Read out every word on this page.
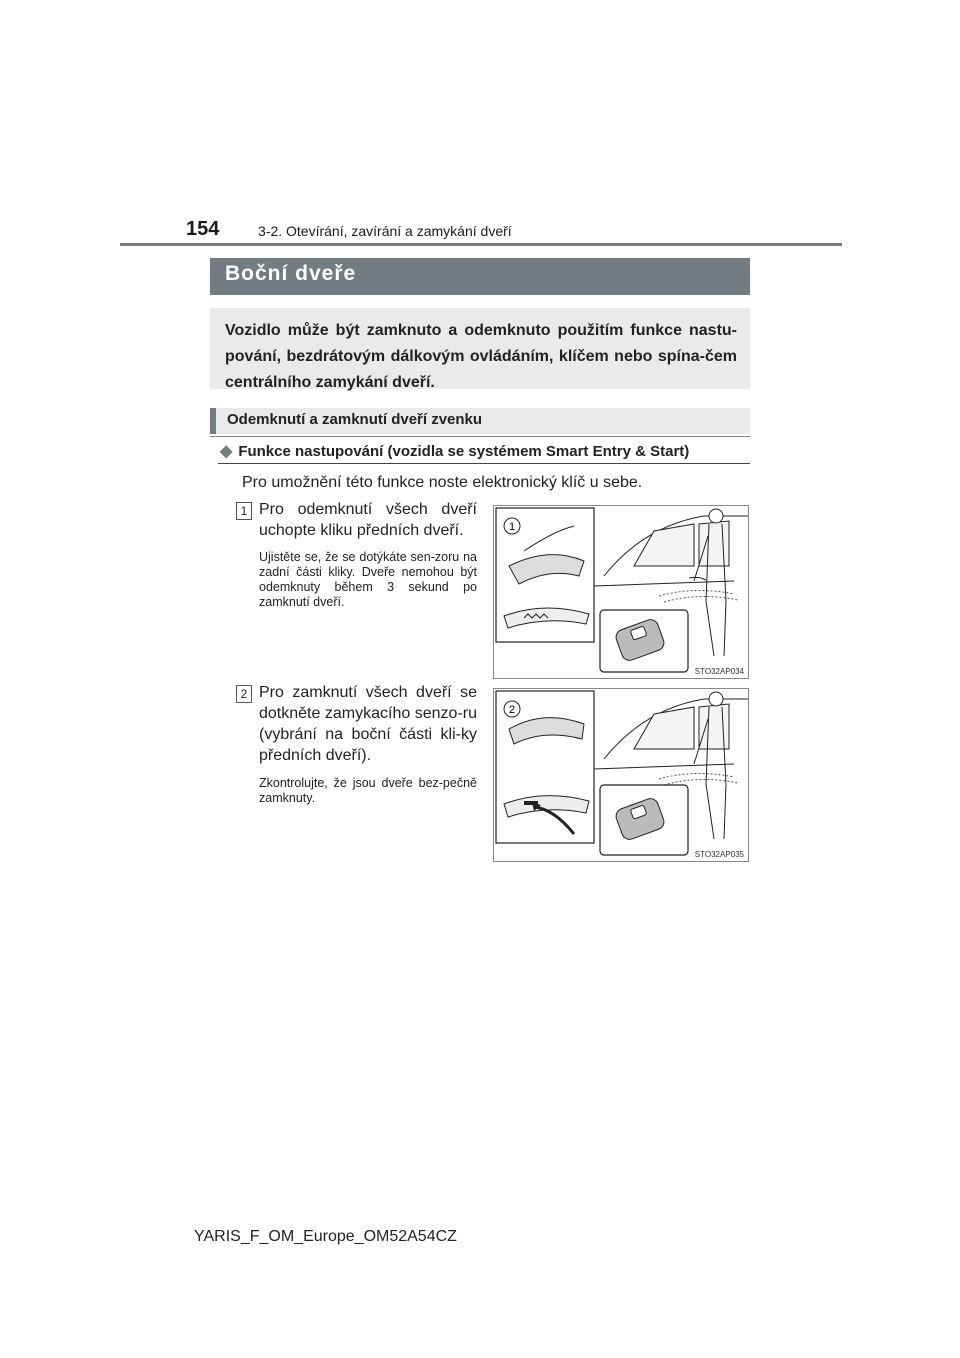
154	3-2. Otevírání, zavírání a zamykání dveří
Boční dveře
Vozidlo může být zamknuto a odemknuto použitím funkce nastu-pování, bezdrátovým dálkovým ovládáním, klíčem nebo spína-čem centrálního zamykání dveří.
Odemknutí a zamknutí dveří zvenku
◆ Funkce nastupování (vozidla se systémem Smart Entry & Start)
Pro umožnění této funkce noste elektronický klíč u sebe.
1 Pro odemknutí všech dveří uchopte kliku předních dveří.
Ujistěte se, že se dotýkáte sen-zoru na zadní části kliky. Dveře nemohou být odemknuty během 3 sekund po zamknutí dveří.
1
STO32AP034
2 Pro zamknutí všech dveří se dotkněte zamykacího senzo-ru (vybrání na boční části kli-ky předních dveří).
Zkontrolujte, že jsou dveře bez-pečně zamknuty.
2
STO32AP035
YARIS_F_OM_Europe_OM52A54CZ
